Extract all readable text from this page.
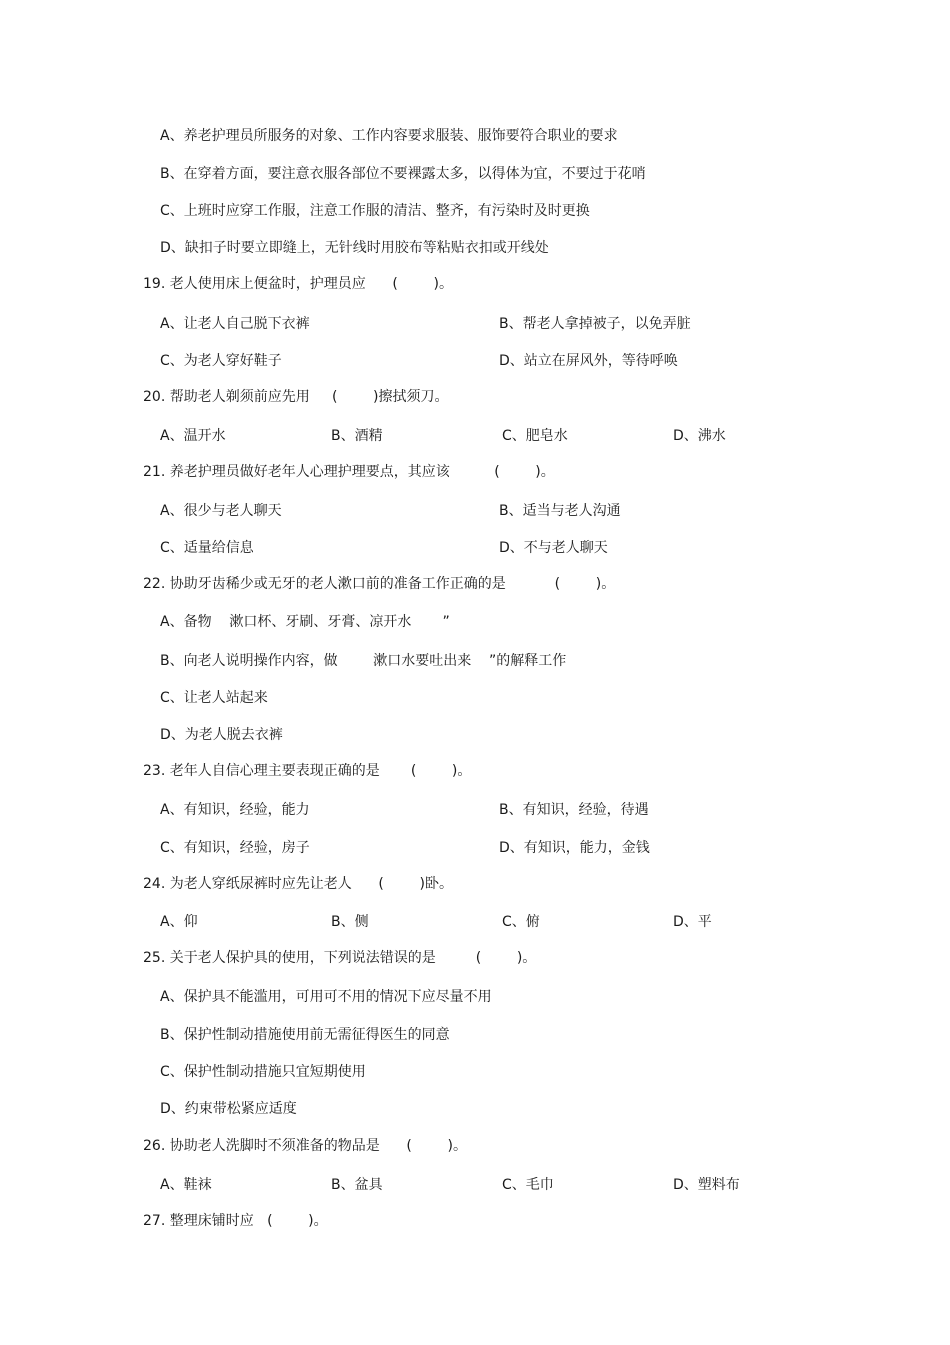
A、养老护理员所服务的对象、工作内容要求服装、服饰要符合职业的要求
B、在穿着方面，要注意衣服各部位不要裸露太多，以得体为宜，不要过于花哨
C、上班时应穿工作服，注意工作服的清洁、整齐，有污染时及时更换
D、缺扣子时要立即缝上，无针线时用胶布等粘贴衣扣或开线处
19. 老人使用床上便盆时，护理员应      (        )。
A、让老人自己脱下衣裤	B、帮老人拿掉被子，以免弄脏
C、为老人穿好鞋子	D、站立在屏风外，等待呼唤
20. 帮助老人剃须前应先用     (        )擦拭须刀。
A、温开水	B、酒精	C、肥皂水	D、沸水
21. 养老护理员做好老年人心理护理要点，其应该          (        )。
A、很少与老人聊天	B、适当与老人沟通
C、适量给信息	D、不与老人聊天
22. 协助牙齿稀少或无牙的老人漱口前的准备工作正确的是           (        )。
A、备物    漱口杯、牙刷、牙膏、凉开水       ”
B、向老人说明操作内容，做        漱口水要吐出来    ”的解释工作
C、让老人站起来
D、为老人脱去衣裤
23. 老年人自信心理主要表现正确的是       (        )。
A、有知识，经验，能力	B、有知识，经验，待遇
C、有知识，经验，房子	D、有知识，能力，金钱
24. 为老人穿纸尿裤时应先让老人      (        )卧。
A、仰	B、侧	C、俯	D、平
25. 关于老人保护具的使用，下列说法错误的是         (        )。
A、保护具不能滥用，可用可不用的情况下应尽量不用
B、保护性制动措施使用前无需征得医生的同意
C、保护性制动措施只宜短期使用
D、约束带松紧应适度
26. 协助老人洗脚时不须准备的物品是      (        )。
A、鞋袜	B、盆具	C、毛巾	D、塑料布
27. 整理床铺时应   (        )。
